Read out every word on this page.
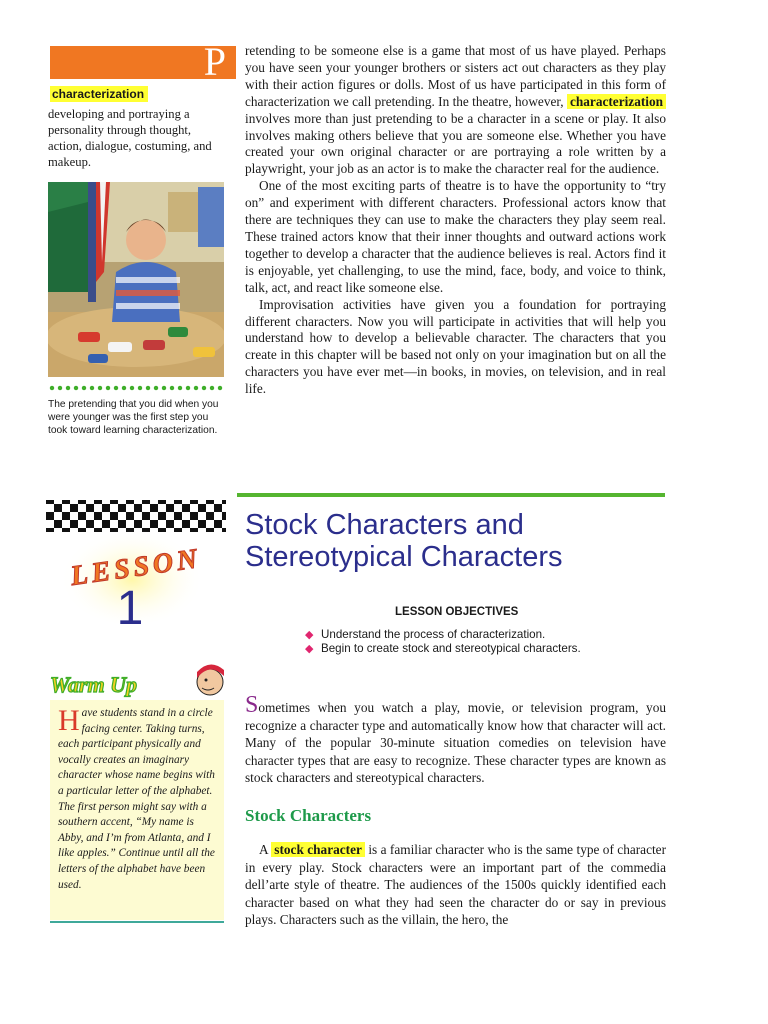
P
characterization
developing and portraying a personality through thought, action, dialogue, costuming, and makeup.
The pretending that you did when you were younger was the first step you took toward learning characterization.

retending to be someone else is a game that most of us have played. Perhaps you have seen your younger brothers or sisters act out characters as they play with their action figures or dolls. Most of us have participated in this form of characterization we call pretending. In the theatre, however, characterization involves more than just pretending to be a character in a scene or play. It also involves making others believe that you are someone else. Whether you have created your own original character or are portraying a role written by a playwright, your job as an actor is to make the character real for the audience.

One of the most exciting parts of theatre is to have the opportunity to “try on” and experiment with different characters. Professional actors know that there are techniques they can use to make the characters they play seem real. These trained actors know that their inner thoughts and outward actions work together to develop a character that the audience believes is real. Actors find it is enjoyable, yet challenging, to use the mind, face, body, and voice to think, talk, act, and react like someone else.

Improvisation activities have given you a foundation for portraying different characters. Now you will participate in activities that will help you understand how to develop a believable character. The characters that you create in this chapter will be based not only on your imagination but on all the characters you have ever met—in books, in movies, on television, and in real life.

1
LESSON
Stock Characters and Stereotypical Characters
LESSON OBJECTIVES
◆ Understand the process of characterization.
◆ Begin to create stock and stereotypical characters.
Warm Up
Have students stand in a circle facing center. Taking turns, each participant physically and vocally creates an imaginary character whose name begins with a particular letter of the alphabet. The first person might say with a southern accent, “My name is Abby, and I’m from Atlanta, and I like apples.” Continue until all the letters of the alphabet have been used.

Sometimes when you watch a play, movie, or television program, you recognize a character type and automatically know how that character will act. Many of the popular 30-minute situation comedies on television have character types that are easy to recognize. These character types are known as stock characters and stereotypical characters.

Stock Characters

A stock character is a familiar character who is the same type of character in every play. Stock characters were an important part of the commedia dell’arte style of theatre. The audiences of the 1500s quickly identified each character based on what they had seen the character do or say in previous plays. Characters such as the villain, the hero, the
